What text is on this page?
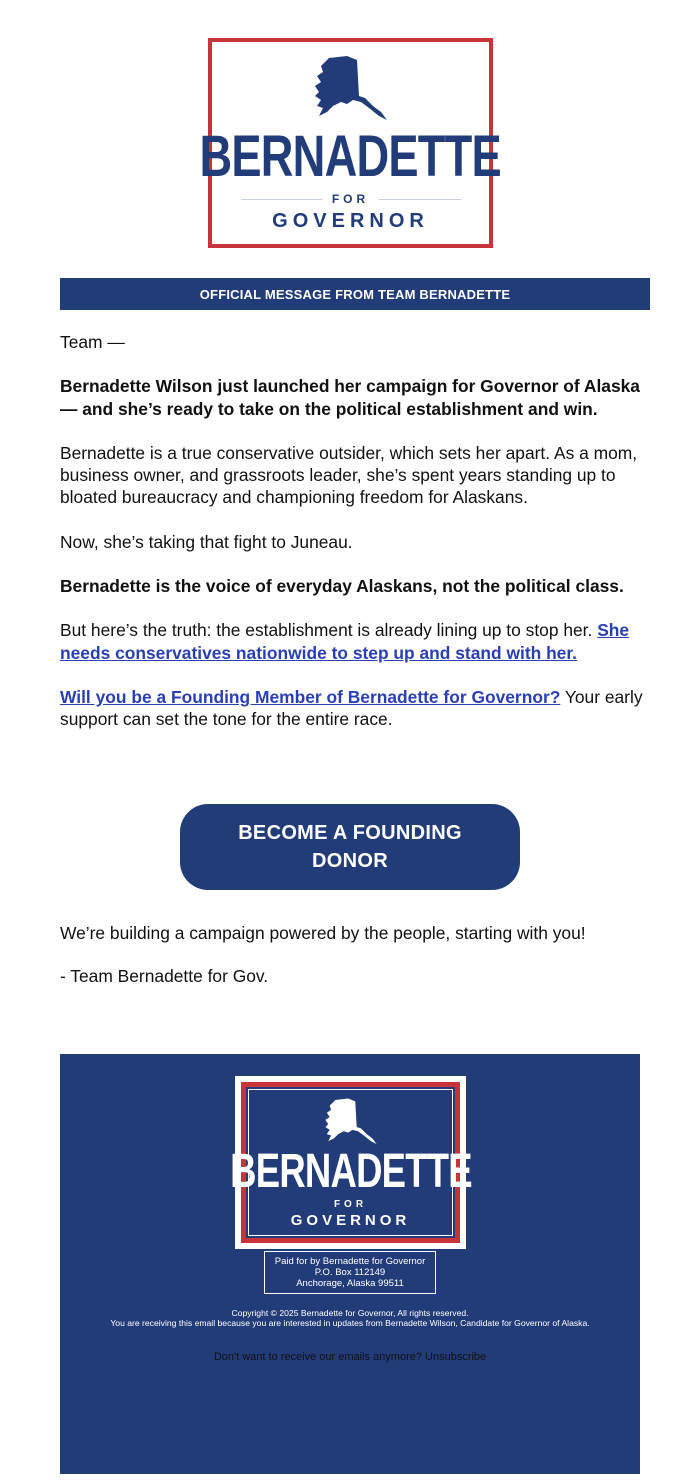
BERNADETTE
FOR
GOVERNOR
OFFICIAL MESSAGE FROM TEAM BERNADETTE

Team —

Bernadette Wilson just launched her campaign for Governor of Alaska — and she’s ready to take on the political establishment and win.

Bernadette is a true conservative outsider, which sets her apart. As a mom, business owner, and grassroots leader, she’s spent years standing up to bloated bureaucracy and championing freedom for Alaskans.

Now, she’s taking that fight to Juneau.

Bernadette is the voice of everyday Alaskans, not the political class.

But here’s the truth: the establishment is already lining up to stop her. She needs conservatives nationwide to step up and stand with her.

Will you be a Founding Member of Bernadette for Governor? Your early support can set the tone for the entire race.

BECOME A FOUNDING DONOR

We’re building a campaign powered by the people, starting with you!

- Team Bernadette for Gov.

BERNADETTE
FOR
GOVERNOR
Paid for by Bernadette for Governor
P.O. Box 112149
Anchorage, Alaska 99511
Copyright © 2025 Bernadette for Governor, All rights reserved.
You are receiving this email because you are interested in updates from Bernadette Wilson, Candidate for Governor of Alaska.
Don't want to receive our emails anymore? Unsubscribe
